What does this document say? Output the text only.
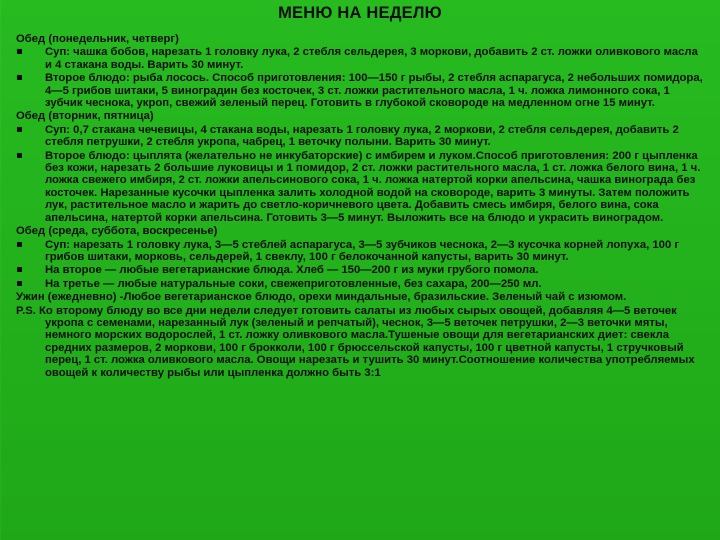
МЕНЮ НА НЕДЕЛЮ
Обед (понедельник, четверг)
Суп: чашка бобов, нарезать 1 головку лука, 2 стебля сельдерея, 3 моркови, добавить 2 ст. ложки оливкового масла и 4 стакана воды. Варить 30 минут.
Второе блюдо: рыба лосось. Способ приготовления: 100—150 г рыбы, 2 стебля аспарагуса, 2 небольших помидора, 4—5 грибов шитаки, 5 виноградин без косточек, 3 ст. ложки растительного масла, 1 ч. ложка лимонного сока, 1 зубчик чеснока, укроп, свежий зеленый перец. Готовить в глубокой сковороде на медленном огне 15 минут.
Обед (вторник, пятница)
Суп: 0,7 стакана чечевицы, 4 стакана воды, нарезать 1 головку лука, 2 моркови, 2 стебля сельдерея, добавить 2 стебля петрушки, 2 стебля укропа, чабрец, 1 веточку полыни. Варить 30 минут.
Второе блюдо: цыплята (желательно не инкубаторские) с имбирем и луком.Способ приготовления: 200 г цыпленка без кожи, нарезать 2 большие луковицы и 1 помидор, 2 ст. ложки растительного масла, 1 ст. ложка белого вина, 1 ч. ложка свежего имбиря, 2 ст. ложки апельсинового сока, 1 ч. ложка натертой корки апельсина, чашка винограда без косточек. Нарезанные кусочки цыпленка залить холодной водой на сковороде, варить 3 минуты. Затем положить лук, растительное масло и жарить до светло-коричневого цвета. Добавить смесь имбиря, белого вина, сока апельсина, натертой корки апельсина. Готовить 3—5 минут. Выложить все на блюдо и украсить виноградом.
Обед (среда, суббота, воскресенье)
Суп: нарезать 1 головку лука, 3—5 стеблей аспарагуса, 3—5 зубчиков чеснока, 2—3 кусочка корней лопуха, 100 г грибов шитаки, морковь, сельдерей, 1 свеклу, 100 г белокочанной капусты, варить 30 минут.
На второе — любые вегетарианские блюда. Хлеб — 150—200 г из муки грубого помола.
На третье — любые натуральные соки, свежеприготовленные, без сахара, 200—250 мл.
Ужин (ежедневно) -Любое вегетарианское блюдо, орехи миндальные, бразильские. Зеленый чай с изюмом.
P.S. Ко второму блюду во все дни недели следует готовить салаты из любых сырых овощей, добавляя 4—5 веточек укропа с семенами, нарезанный лук (зеленый и репчатый), чеснок, 3—5 веточек петрушки, 2—3 веточки мяты, немного морских водорослей, 1 ст. ложку оливкового масла.Тушеные овощи для вегетарианских диет: свекла средних размеров, 2 моркови, 100 г брокколи, 100 г брюссельской капусты, 100 г цветной капусты, 1 стручковый перец, 1 ст. ложка оливкового масла. Овощи нарезать и тушить 30 минут.Соотношение количества употребляемых овощей к количеству рыбы или цыпленка должно быть 3:1
